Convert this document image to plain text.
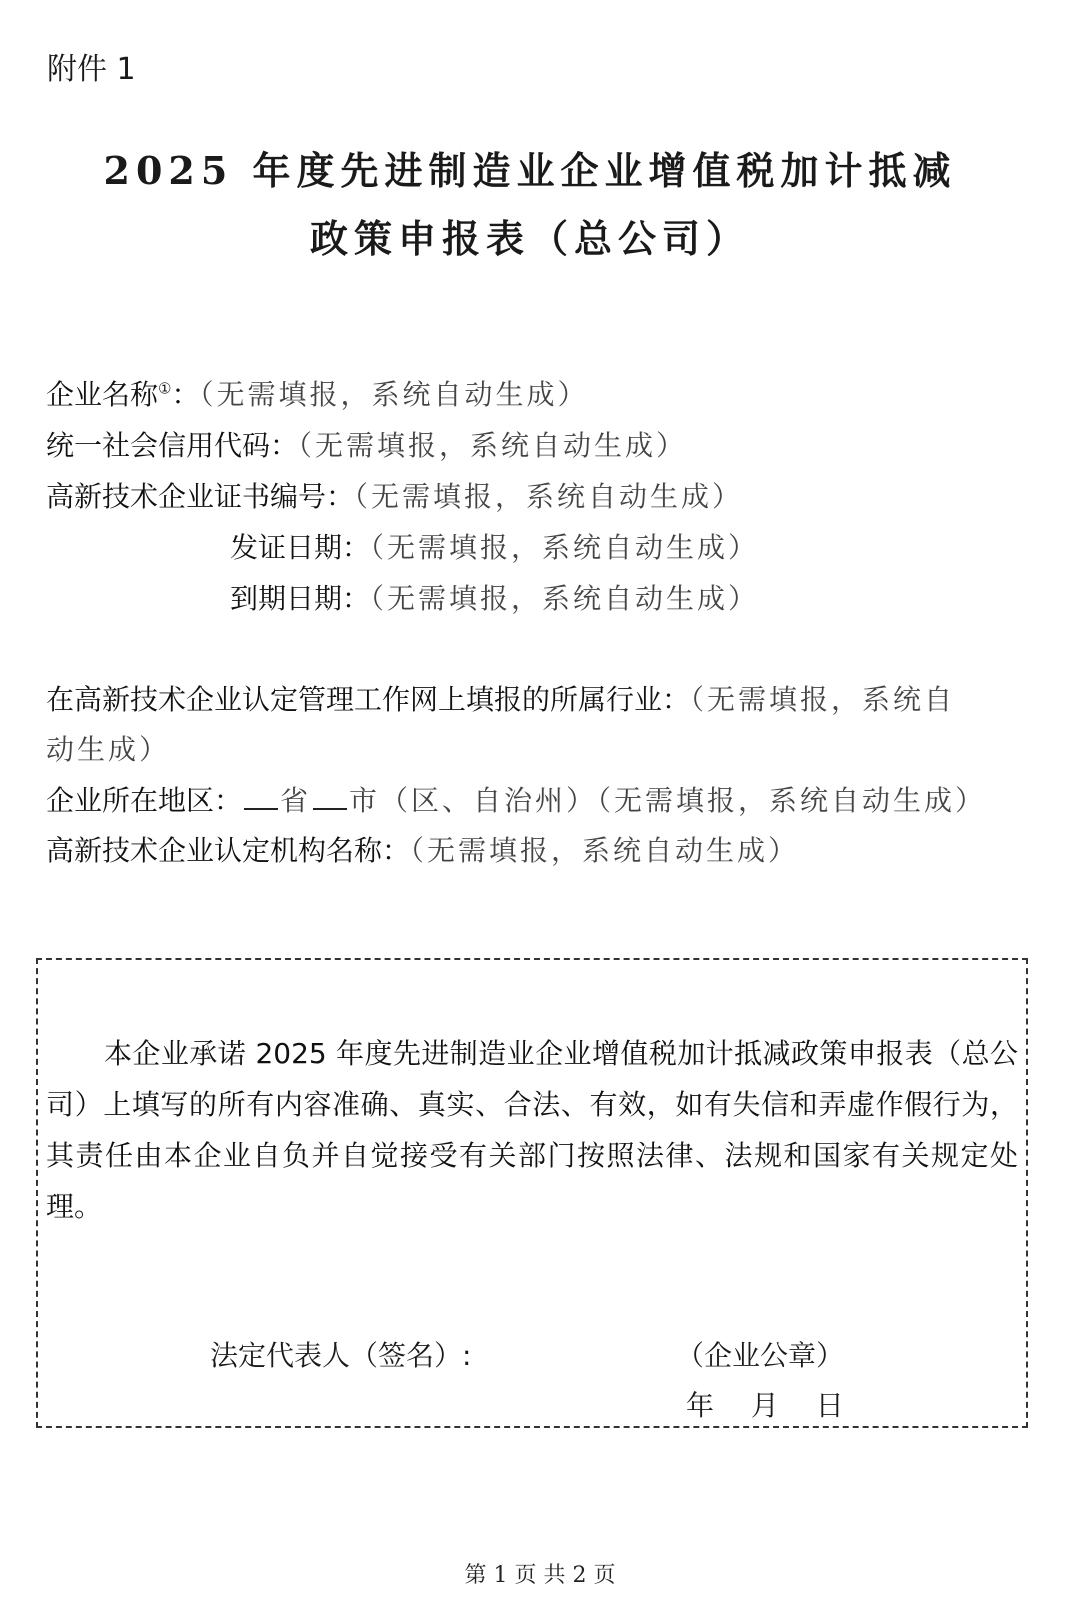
附件 1
2025 年度先进制造业企业增值税加计抵减
政策申报表（总公司）
企业名称①：（无需填报，系统自动生成）
统一社会信用代码：（无需填报，系统自动生成）
高新技术企业证书编号：（无需填报，系统自动生成）
发证日期：（无需填报，系统自动生成）
到期日期：（无需填报，系统自动生成）
在高新技术企业认定管理工作网上填报的所属行业：（无需填报，系统自
动生成）
企业所在地区： 省 市（区、自治州）（无需填报，系统自动生成）
高新技术企业认定机构名称：（无需填报，系统自动生成）
本企业承诺 2025 年度先进制造业企业增值税加计抵减政策申报表（总公司）上填写的所有内容准确、真实、合法、有效，如有失信和弄虚作假行为，其责任由本企业自负并自觉接受有关部门按照法律、法规和国家有关规定处理。
法定代表人（签名）:	（企业公章）
年 月 日
第 1 页 共 2 页
